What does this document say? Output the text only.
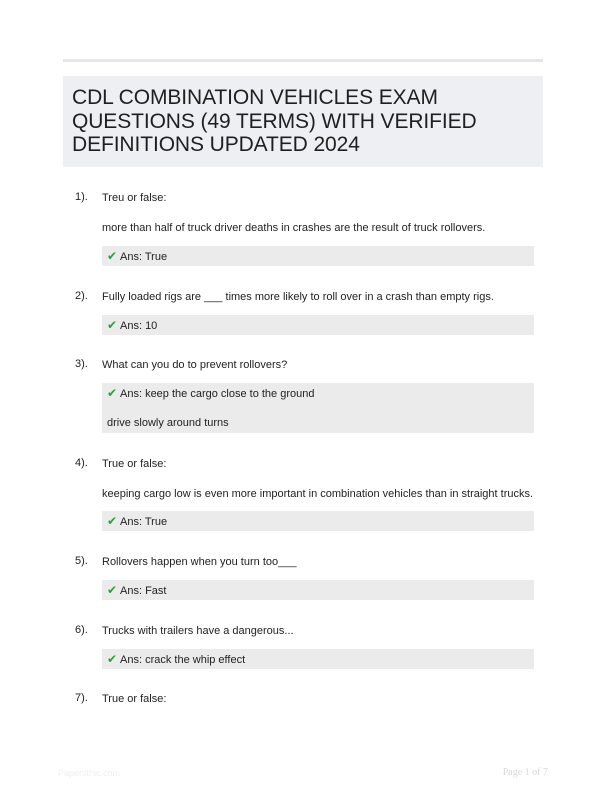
CDL COMBINATION VEHICLES EXAM QUESTIONS (49 TERMS) WITH VERIFIED DEFINITIONS UPDATED 2024
1). Treu or false:
more than half of truck driver deaths in crashes are the result of truck rollovers.
✔ Ans: True
2). Fully loaded rigs are ___ times more likely to roll over in a crash than empty rigs.
✔ Ans: 10
3). What can you do to prevent rollovers?
✔ Ans: keep the cargo close to the ground
drive slowly around turns
4). True or false:
keeping cargo low is even more important in combination vehicles than in straight trucks.
✔ Ans: True
5). Rollovers happen when you turn too___
✔ Ans: Fast
6). Trucks with trailers have a dangerous...
✔ Ans: crack the whip effect
7). True or false:
Papersthic.com	Page 1 of 7
